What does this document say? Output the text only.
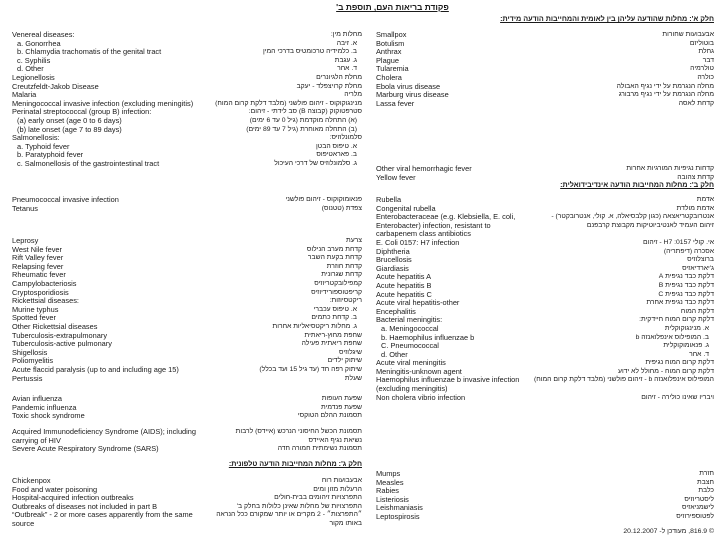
פקודת בריאות העם, תוספת ב'
חלק א': מחלות שהודעה עליהן בין לאומית והמחייבות הודעה מידית:
Smallpox	אבעבועות שחורות
Botulism	בוטוליזם
Anthrax	גחלת
Plague	דבר
Tularemia	טולרמיה
Cholera	כולרה
Ebola virus disease	מחלה הנגרמת על ידי נגיף האבולה
Marburg virus disease	מחלה הנגרמת על ידי נגיף מרבורג
Lassa fever	קדחת לאסה
Other viral hemorrhagic fever	קדחות נגיפיות המורגיות אחרות
Yellow fever	קדחת צהובה
חלק ב': מחלות המחייבות הודעה אינדיבידואלית:
Rubella	אדמת
Congenital rubella	אדמת מולדת
Enterobacteraceae (e.g. Klebsiella, E. coli,
Enterobacter) infection, resistant to
carbapenem class antibiotics
אנטרובקטריאצאה (כגון קלבסיאלה, א. קולי, אנטרובקטר) -
זיהום העמיד לאנטיביוטיקות מקבוצת קרבפנם
E. Coli 0157: H7 infection	אי. קולי 0157: H7 - זיהום
Diphtheria	אסכרה (דיפתריה)
Brucellosis	ברוצלוזיס
Giardiasis	ג'יארדיאזיס
Acute hepatitis A	דלקת כבד נגיפית A
Acute hepatitis B	דלקת כבד נגיפית B
Acute hepatitis C	דלקת כבד נגיפית C
Acute viral hepatitis-other	דלקת כבד נגיפית אחרת
Encephalitis	דלקת המוח
Bacterial meningitis:	דלקת קרום המוח חיידקית:
a. Meningococcal	א. מנינגוקוקלית
b. Haemophilus influenzae b	ב. המופילוס אינפלואנזה b
C. Pneumococcal	ג. פנאומוקוקלית
d. Other	ד. אחר
Acute viral meningitis	דלקת קרום המוח נגיפית
Meningitis-unknown agent	דלקת קרום המוח - מחולל לא ידוע
Haemophilus influenzae b invasive infection
(excluding meningitis)
המופילוס אינפלואנזה b - זיהום פולשני (מלבד דלקת קרום המוח)
Non cholera vibrio infection	ויבריו שאינו כולירה - זיהום
Mumps	חזרת
Measles	חצבת
Rabies	כלבת
Listeriosis	ליסטריוזיס
Leishmaniasis	לישמניאזיס
Leptospirosis	לפטוספירוזיס
Venereal diseases:	מחלות מין:
a. Gonorrhea	א. זיבה
b. Chlamydia trachomatis of the genital tract	ב. כלמידיה טרכומטיס בדרכי המין
c. Syphilis	ג. עגבת
d. Other	ד. אחר
Legionellosis	מחלת הלגיונרים
Creutzfeldt-Jakob Disease	מחלת קרויצפלד - יעקב
Malaria	מלריה
Meningococcal invasive infection (excluding meningitis)	מנינגוקוקוס - זיהום פולשני (מלבד דלקת קרום המוח)
Perinatal streptococcal (group B) infection:	סטרפטוקוק (קבוצה B) סב לידתי - זיהום:
(a) early onset (age 0 to 6 days)	(א) התחלה מוקדמת (גיל 0 עד 6 ימים)
(b) late onset (age 7 to 89 days)	(ב) התחלה מאוחרת (גיל 7 עד 89 ימים)
Salmonellosis:	סלמונלוזיס:
a. Typhoid fever	א. טיפוס הבטן
b. Paratyphoid fever	ב. פאראטיפוס
c. Salmonellosis of the gastrointestinal tract	ג. סלמונלוזיס של דרכי העיכול
Pneumococcal invasive infection	פנאומוקוקוס - זיהום פולשני
Tetanus	צפדת (טטנוס)
Leprosy	צרעת
West Nile fever	קדחת מערב הנילוס
Rift Valley fever	קדחת בקעת השבר
Relapsing fever	קדחת חוזרת
Rheumatic fever	קדחת שגרונית
Campylobacteriosis	קמפילובקטריוזיס
Cryptosporidiosis	קריפטוספורידיוזיס
Rickettsial diseases:	ריקטסיוזות:
Murine typhus	א. טיפוס עכברי
Spotted fever	ב. קדחת כתמים
Other Rickettsial diseases	ג. מחלות ריקטסיאליות אחרות
Tuberculosis-extrapulmonary	שחפת מחוץ-ריאתית
Tuberculosis-active pulmonary	שחפת ריאתית פעילה
Shigellosis	שיגלוזיס
Poliomyelitis	שיתוק ילדים
Acute flaccid paralysis (up to and including age 15)	שיתוק רפה חד (עד גיל 15 ועד בכלל)
Pertussis	שעלת
Avian influenza	שפעת העופות
Pandemic influenza	שפעת פנדמית
Toxic shock syndrome	תסמונת ההלם הטוקסי
Acquired Immunodeficiency Syndrome (AIDS); including
carrying of HIV
תסמונת הכשל החיסוני הנרכש (איידס) לרבות
נשיאת נגיף האיידס
Severe Acute Respiratory Syndrome (SARS)	תסמונת נשימתית חמורה חדה
חלק ג': מחלות המחייבות הודעה טלפונית:
Chickenpox	אבעבועות רוח
Food and water poisoning	הרעלות מזון ומים
Hospital-acquired infection outbreaks	התפרצויות זיהומים בבית-חולים
Outbreaks of diseases not included in part B	התפרצויות של מחלות שאינן כלולות בחלק ב'
“Outbreak” - 2 or more cases apparently from the same
source
״התפרצות״ - 2 מקרים או יותר שמקורם ככל הנראה
באותו מקור
© 816.9, מעודכן ל- 20.12.2007
